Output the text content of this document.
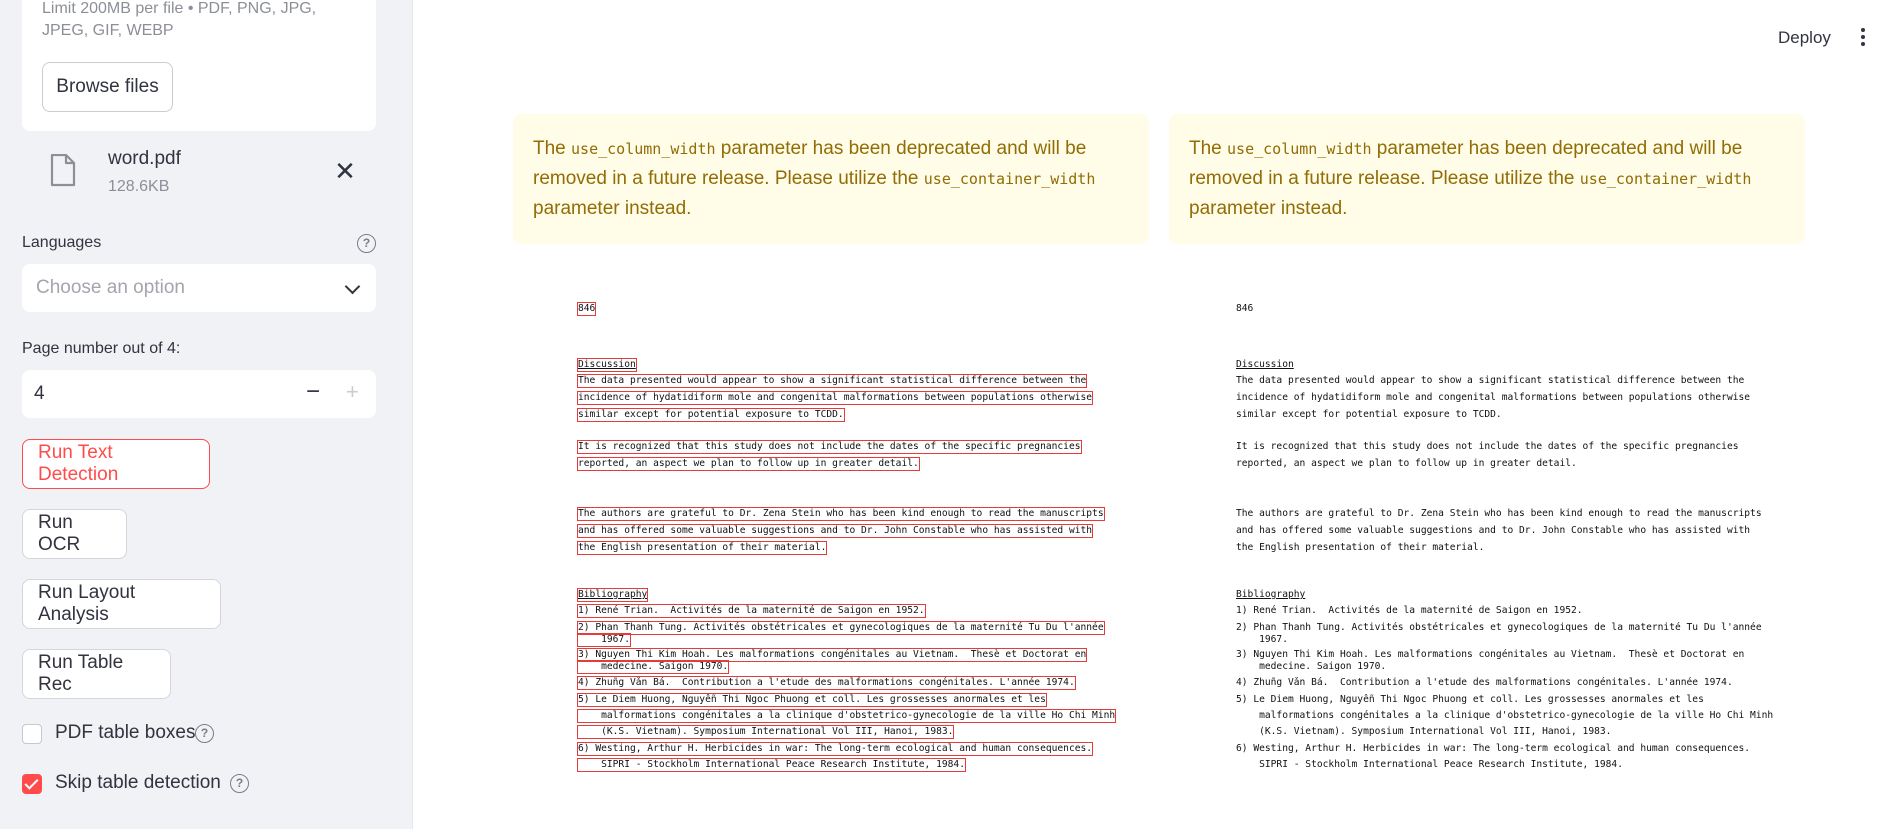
Limit 200MB per file • PDF, PNG, JPG, JPEG, GIF, WEBP
Browse files
word.pdf
128.6KB
✕
Languages	?
Choose an option
Page number out of 4:
4	− +
Run Text Detection
Run OCR
Run Layout Analysis
Run Table Rec
PDF table boxes ?
Skip table detection	?
Deploy
The use_column_width parameter has been deprecated and will be removed in a future release. Please utilize the use_container_width parameter instead.
The use_column_width parameter has been deprecated and will be removed in a future release. Please utilize the use_container_width parameter instead.
846
Discussion
The data presented would appear to show a significant statistical difference between the
incidence of hydatidiform mole and congenital malformations between populations otherwise
similar except for potential exposure to TCDD.
It is recognized that this study does not include the dates of the specific pregnancies
reported, an aspect we plan to follow up in greater detail.
The authors are grateful to Dr. Zena Stein who has been kind enough to read the manuscripts
and has offered some valuable suggestions and to Dr. John Constable who has assisted with
the English presentation of their material.
Bibliography
1) René Trian.  Activités de la maternité de Saigon en 1952.
2) Phan Thanh Tung. Activités obstétricales et gynecologiques de la maternité Tu Du l'année
1967.
3) Nguyen Thi Kim Hoah. Les malformations congénitales au Vietnam.  Thesè et Doctorat en
medecine. Saigon 1970.
4) Zhuñg Vǎn Bá.  Contribution a l'etude des malformations congénitales. L'année 1974.
5) Le Diem Huong, Nguyễn Thi Ngoc Phuong et coll. Les grossesses anormales et les
malformations congénitales a la clinique d'obstetrico-gynecologie de la ville Ho Chi Minh
(K.S. Vietnam). Symposium International Vol III, Hanoi, 1983.
6) Westing, Arthur H. Herbicides in war: The long-term ecological and human consequences.
SIPRI - Stockholm International Peace Research Institute, 1984.
846
Discussion
The data presented would appear to show a significant statistical difference between the
incidence of hydatidiform mole and congenital malformations between populations otherwise
similar except for potential exposure to TCDD.
It is recognized that this study does not include the dates of the specific pregnancies
reported, an aspect we plan to follow up in greater detail.
The authors are grateful to Dr. Zena Stein who has been kind enough to read the manuscripts
and has offered some valuable suggestions and to Dr. John Constable who has assisted with
the English presentation of their material.
Bibliography
1) René Trian.  Activités de la maternité de Saigon en 1952.
2) Phan Thanh Tung. Activités obstétricales et gynecologiques de la maternité Tu Du l'année
1967.
3) Nguyen Thi Kim Hoah. Les malformations congénitales au Vietnam.  Thesè et Doctorat en
medecine. Saigon 1970.
4) Zhuñg Vǎn Bá.  Contribution a l'etude des malformations congénitales. L'année 1974.
5) Le Diem Huong, Nguyễn Thi Ngoc Phuong et coll. Les grossesses anormales et les
malformations congénitales a la clinique d'obstetrico-gynecologie de la ville Ho Chi Minh
(K.S. Vietnam). Symposium International Vol III, Hanoi, 1983.
6) Westing, Arthur H. Herbicides in war: The long-term ecological and human consequences.
SIPRI - Stockholm International Peace Research Institute, 1984.
